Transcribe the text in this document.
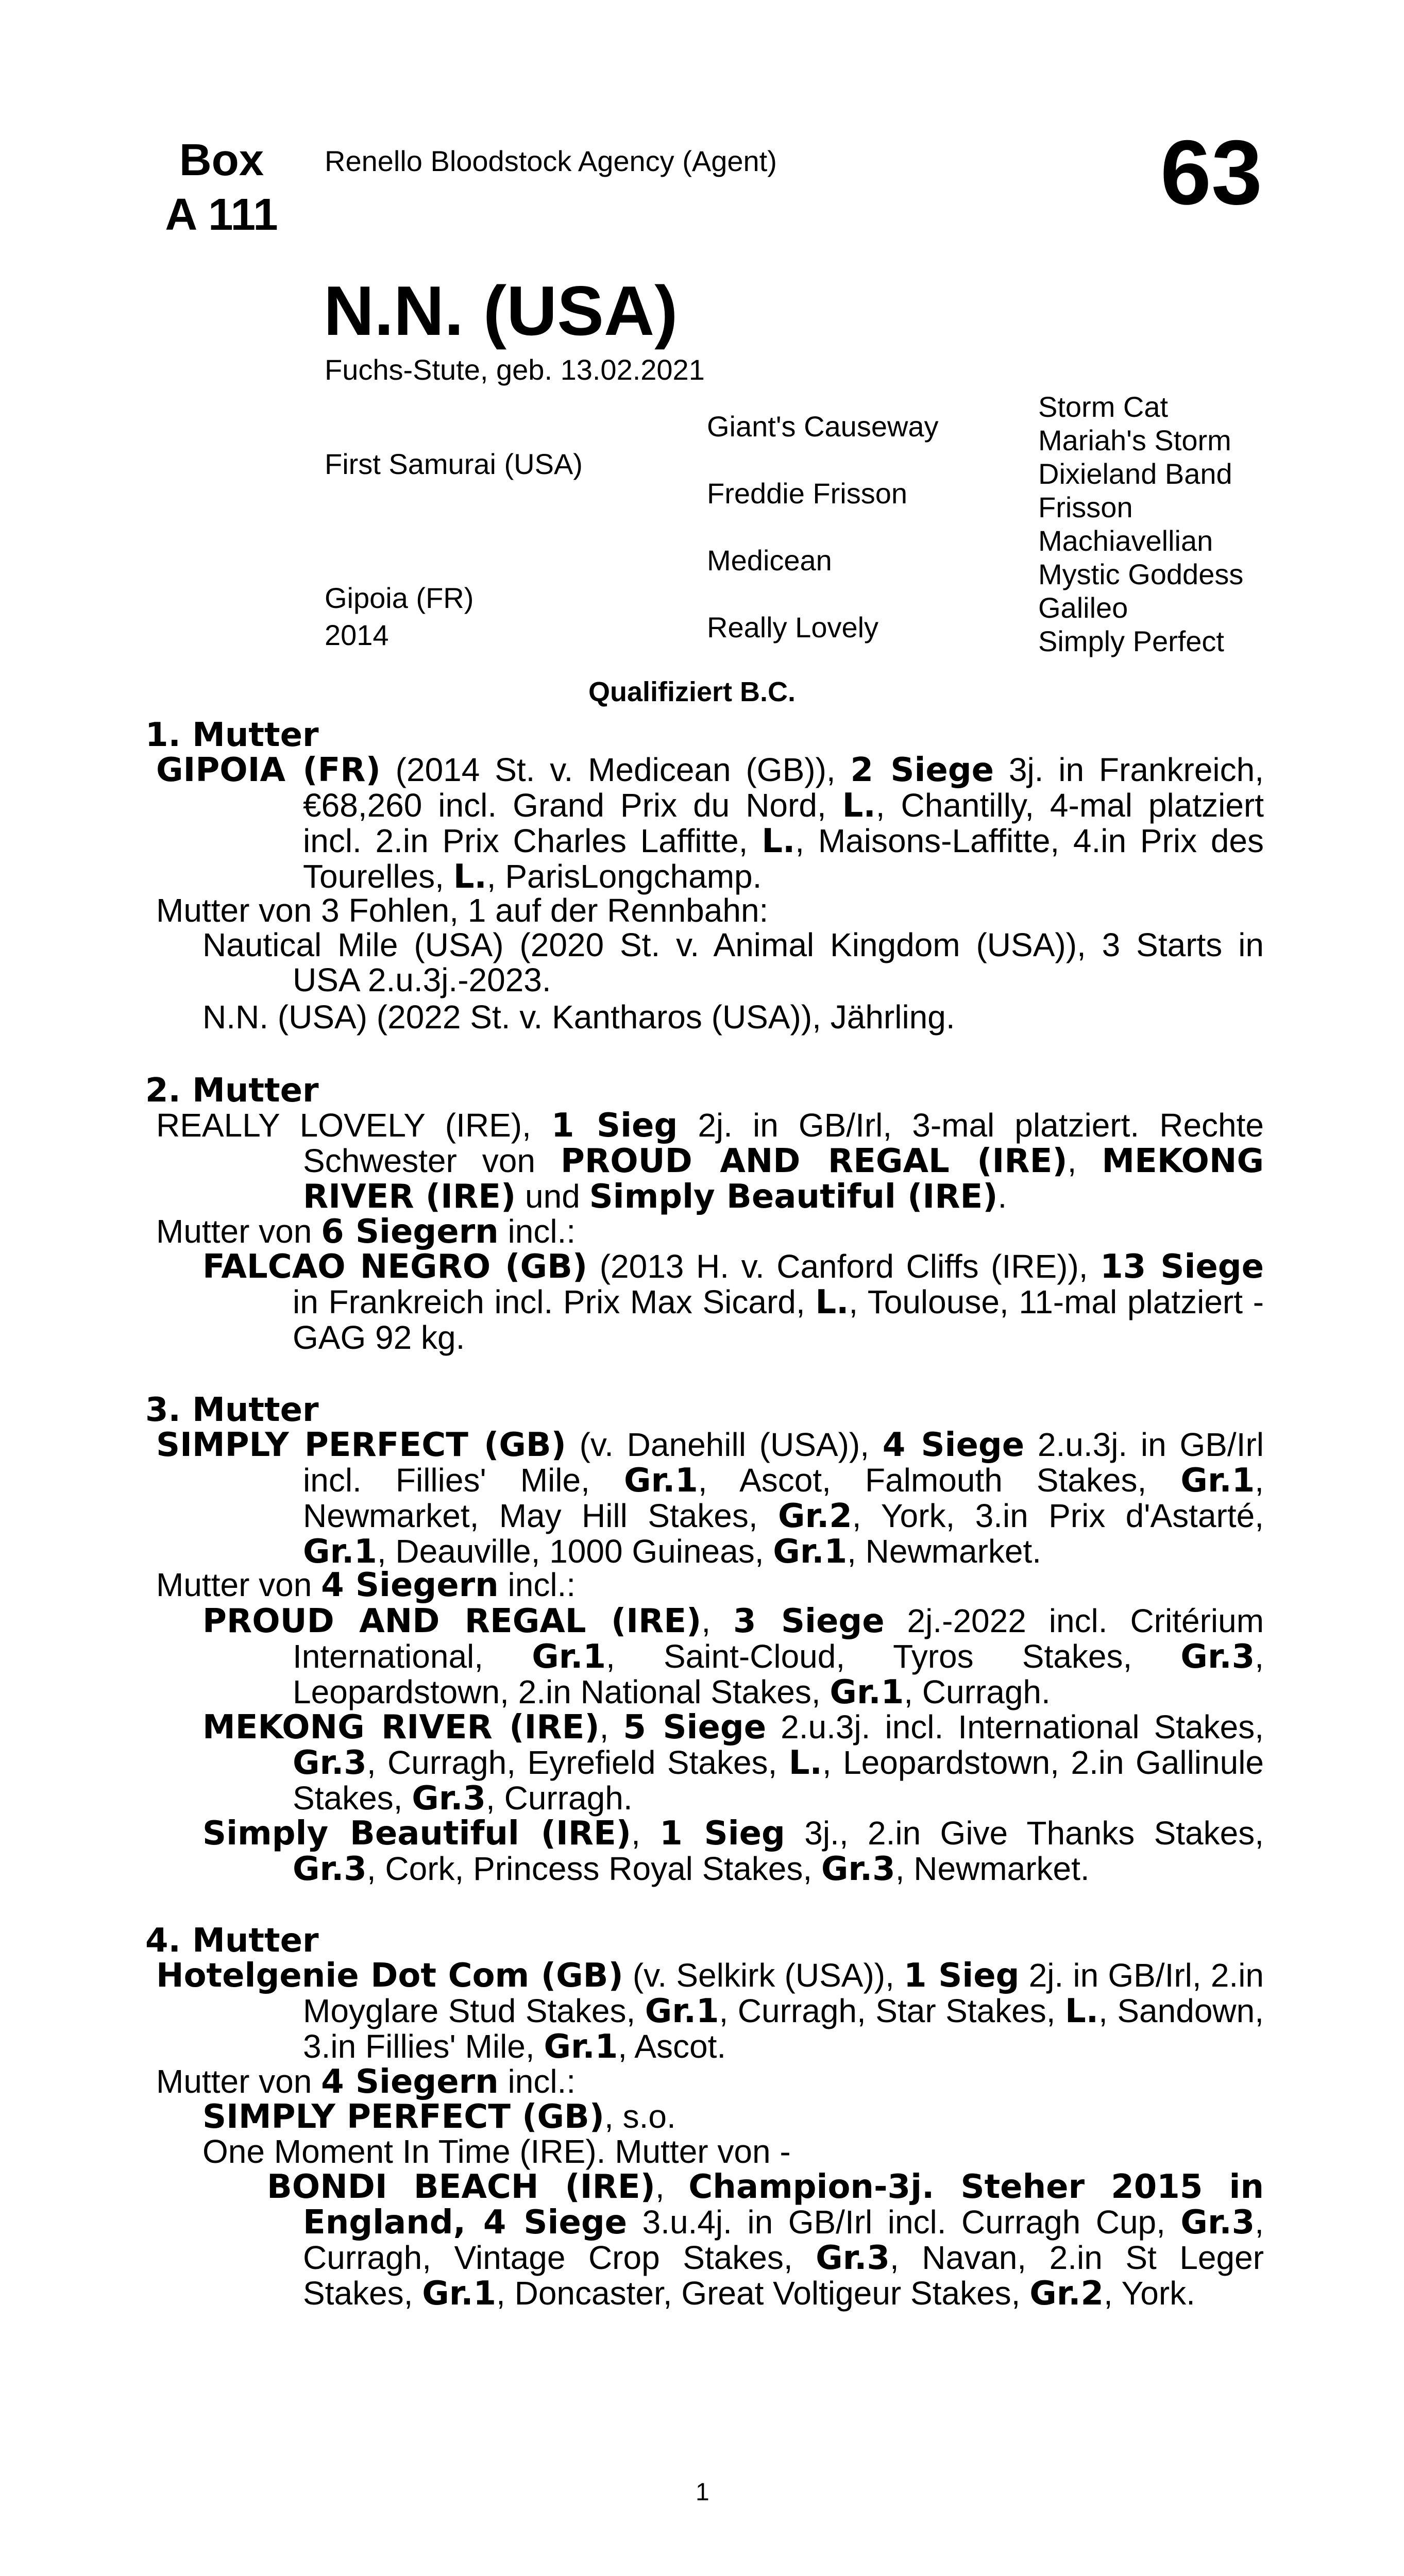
Box
A 111
Renello Bloodstock Agency (Agent)	63
N.N. (USA)
Fuchs-Stute, geb. 13.02.2021
First Samurai (USA)
Gipoia (FR)
2014
Giant's Causeway
Freddie Frisson
Medicean
Really Lovely
Storm Cat
Mariah's Storm
Dixieland Band
Frisson
Machiavellian
Mystic Goddess
Galileo
Simply Perfect
Qualifiziert B.C.
1. Mutter
GIPOIA (FR) (2014 St. v. Medicean (GB)), 2 Siege 3j. in Frankreich, €68,260 incl. Grand Prix du Nord, L., Chantilly, 4-mal platziert incl. 2.in Prix Charles Laffitte, L., Maisons-Laffitte, 4.in Prix des Tourelles, L., ParisLongchamp.
Mutter von 3 Fohlen, 1 auf der Rennbahn:
Nautical Mile (USA) (2020 St. v. Animal Kingdom (USA)), 3 Starts in USA 2.u.3j.-2023.
N.N. (USA) (2022 St. v. Kantharos (USA)), Jährling.
2. Mutter
REALLY LOVELY (IRE), 1 Sieg 2j. in GB/Irl, 3-mal platziert. Rechte Schwester von PROUD AND REGAL (IRE), MEKONG RIVER (IRE) und Simply Beautiful (IRE).
Mutter von 6 Siegern incl.:
FALCAO NEGRO (GB) (2013 H. v. Canford Cliffs (IRE)), 13 Siege in Frankreich incl. Prix Max Sicard, L., Toulouse, 11-mal platziert - GAG 92 kg.
3. Mutter
SIMPLY PERFECT (GB) (v. Danehill (USA)), 4 Siege 2.u.3j. in GB/Irl incl. Fillies' Mile, Gr.1, Ascot, Falmouth Stakes, Gr.1, Newmarket, May Hill Stakes, Gr.2, York, 3.in Prix d'Astarté, Gr.1, Deauville, 1000 Guineas, Gr.1, Newmarket.
Mutter von 4 Siegern incl.:
PROUD AND REGAL (IRE), 3 Siege 2j.-2022 incl. Critérium International, Gr.1, Saint-Cloud, Tyros Stakes, Gr.3, Leopardstown, 2.in National Stakes, Gr.1, Curragh.
MEKONG RIVER (IRE), 5 Siege 2.u.3j. incl. International Stakes, Gr.3, Curragh, Eyrefield Stakes, L., Leopardstown, 2.in Gallinule Stakes, Gr.3, Curragh.
Simply Beautiful (IRE), 1 Sieg 3j., 2.in Give Thanks Stakes, Gr.3, Cork, Princess Royal Stakes, Gr.3, Newmarket.
4. Mutter
Hotelgenie Dot Com (GB) (v. Selkirk (USA)), 1 Sieg 2j. in GB/Irl, 2.in Moyglare Stud Stakes, Gr.1, Curragh, Star Stakes, L., Sandown, 3.in Fillies' Mile, Gr.1, Ascot.
Mutter von 4 Siegern incl.:
SIMPLY PERFECT (GB), s.o.
One Moment In Time (IRE). Mutter von -
BONDI BEACH (IRE), Champion-3j. Steher 2015 in England, 4 Siege 3.u.4j. in GB/Irl incl. Curragh Cup, Gr.3, Curragh, Vintage Crop Stakes, Gr.3, Navan, 2.in St Leger Stakes, Gr.1, Doncaster, Great Voltigeur Stakes, Gr.2, York.
1
